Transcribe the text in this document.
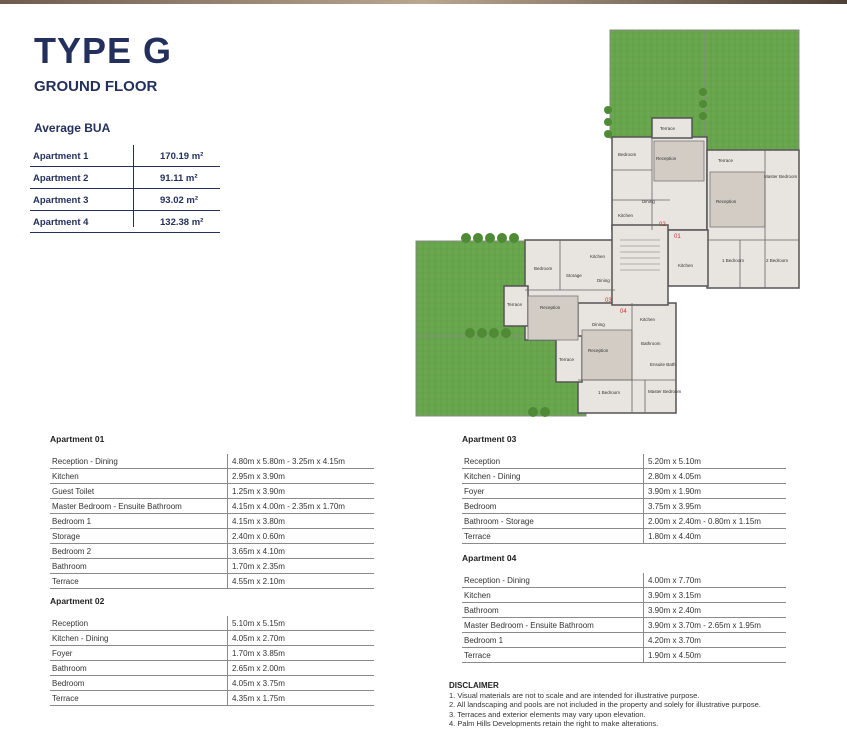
TYPE G
GROUND FLOOR
Average BUA
Apartment 1	170.19 m²
Apartment 2	91.11 m²
Apartment 3	93.02 m²
Apartment 4	132.38 m²
Terrace
Terrace
Terrace
Terrace
Reception
Reception
Reception
Reception
Bedroom
Bedroom
Kitchen
Kitchen
Kitchen
Kitchen
Dining
Dining
Dining
Storage
Bathroom
Master Bedroom
Master Bedroom
Ensuite Bath
1 Bedroom
1 Bedroom	2 Bedroom
01
02
03
04
Apartment 01
Reception - Dining	4.80m x 5.80m - 3.25m x 4.15m
Kitchen	2.95m x 3.90m
Guest Toilet	1.25m x 3.90m
Master Bedroom - Ensuite Bathroom	4.15m x 4.00m - 2.35m x 1.70m
Bedroom 1	4.15m x 3.80m
Storage	2.40m x 0.60m
Bedroom 2	3.65m x 4.10m
Bathroom	1.70m x 2.35m
Terrace	4.55m x 2.10m
Apartment 02
Reception	5.10m x 5.15m
Kitchen - Dining	4.05m x 2.70m
Foyer	1.70m x 3.85m
Bathroom	2.65m x 2.00m
Bedroom	4.05m x 3.75m
Terrace	4.35m x 1.75m
Apartment 03
Reception	5.20m x 5.10m
Kitchen - Dining	2.80m x 4.05m
Foyer	3.90m x 1.90m
Bedroom	3.75m x 3.95m
Bathroom - Storage	2.00m x 2.40m - 0.80m x 1.15m
Terrace	1.80m x 4.40m
Apartment 04
Reception - Dining	4.00m x 7.70m
Kitchen	3.90m x 3.15m
Bathroom	3.90m x 2.40m
Master Bedroom - Ensuite Bathroom	3.90m x 3.70m - 2.65m x 1.95m
Bedroom 1	4.20m x 3.70m
Terrace	1.90m x 4.50m
DISCLAIMER
1. Visual materials are not to scale and are intended for illustrative purpose.
2. All landscaping and pools are not included in the property and solely for illustrative purpose.
3. Terraces and exterior elements may vary upon elevation.
4. Palm Hills Developments retain the right to make alterations.
